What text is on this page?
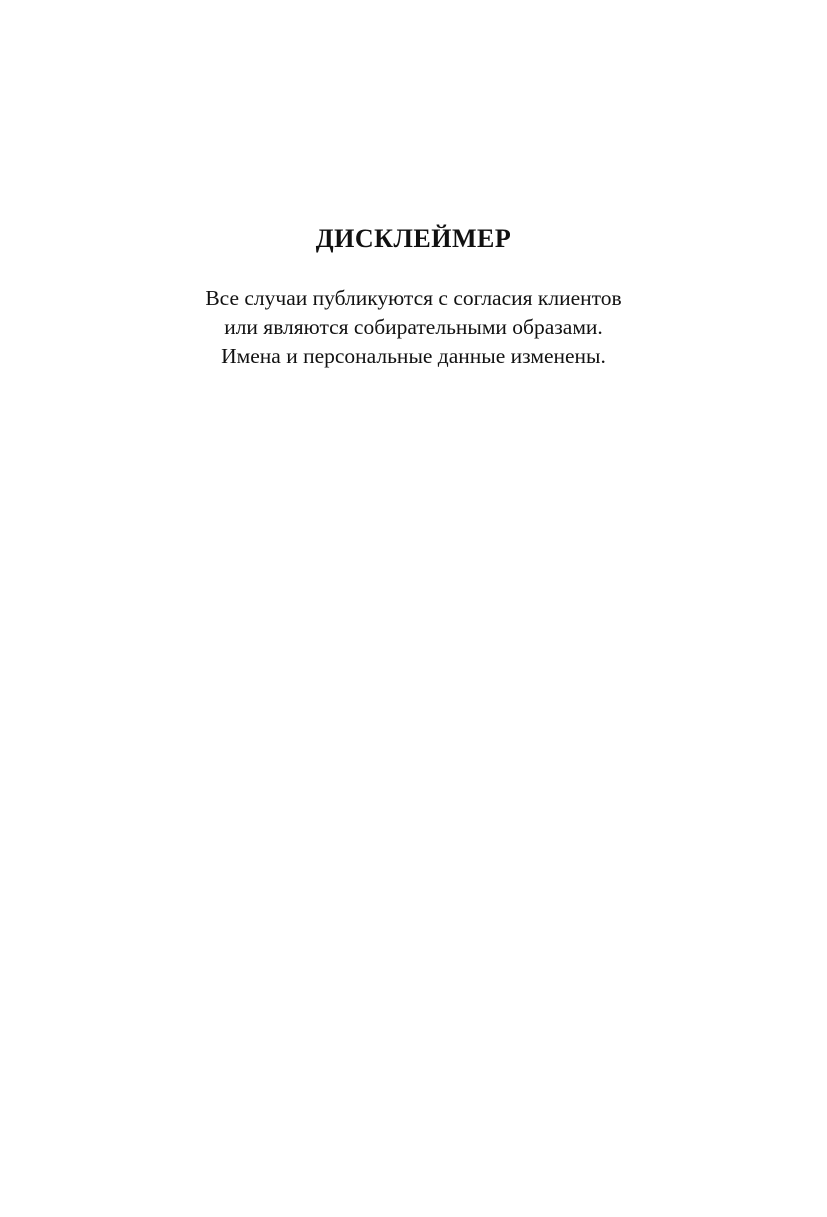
ДИСКЛЕЙМЕР
Все случаи публикуются с согласия клиентов
или являются собирательными образами.
Имена и персональные данные изменены.
